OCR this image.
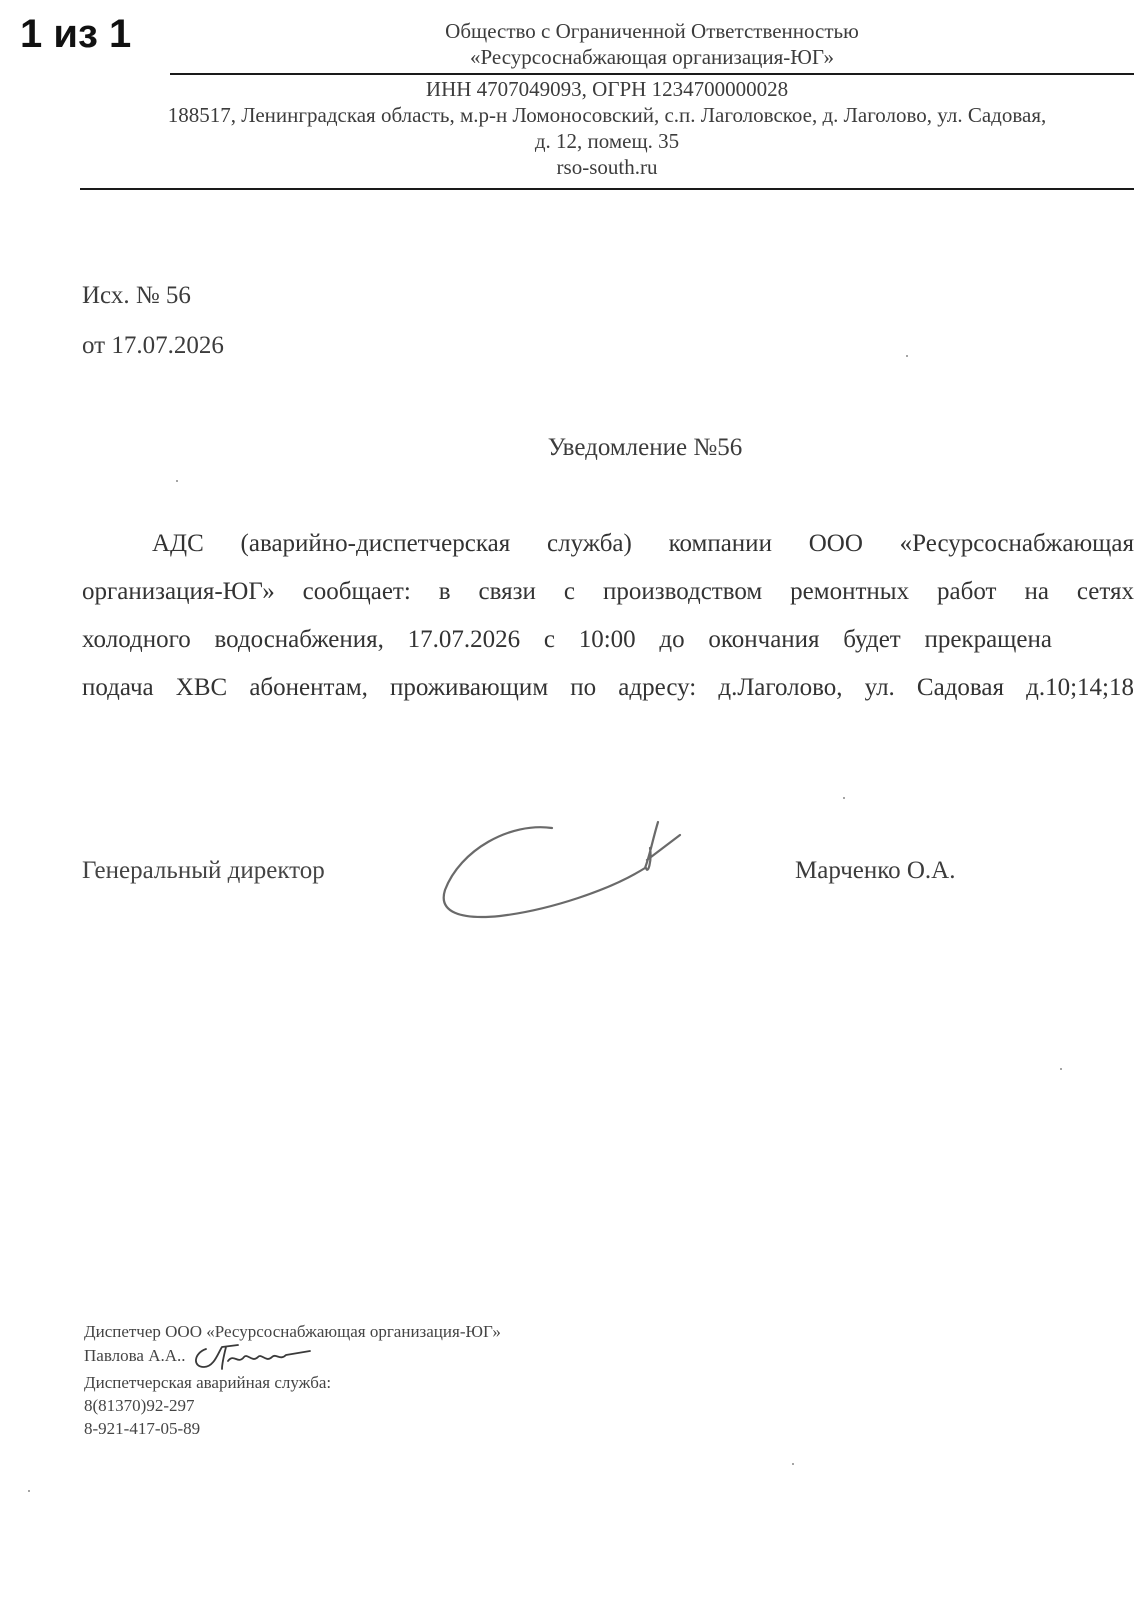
1 из 1	Общество с Ограниченной Ответственностью
«Ресурсоснабжающая организация-ЮГ»
ИНН 4707049093, ОГРН 1234700000028
188517, Ленинградская область, м.р-н Ломоносовский, с.п. Лаголовское, д. Лаголово, ул. Садовая,
д. 12, помещ. 35
rso-south.ru
Исх. № 56
от 17.07.2026
Уведомление №56
АДС (аварийно-диспетчерская служба) компании ООО «Ресурсоснабжающая
организация-ЮГ» сообщает: в связи с производством ремонтных работ на сетях
холодного водоснабжения, 17.07.2026 с 10:00 до окончания будет прекращена
подача ХВС абонентам, проживающим по адресу: д.Лаголово, ул. Садовая д.10;14;18
Генеральный директор	Марченко О.А.
Диспетчер ООО «Ресурсоснабжающая организация-ЮГ»
Павлова А.А..
Диспетчерская аварийная служба:
8(81370)92-297
8-921-417-05-89
